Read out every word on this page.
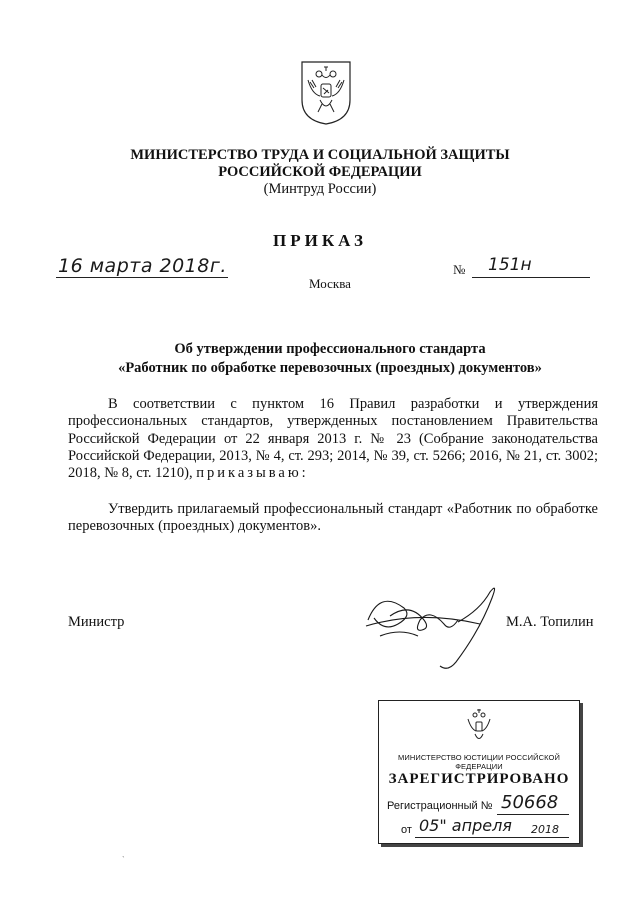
МИНИСТЕРСТВО ТРУДА И СОЦИАЛЬНОЙ ЗАЩИТЫ
РОССИЙСКОЙ ФЕДЕРАЦИИ
(Минтруд России)
ПРИКАЗ
16 марта 2018г.	№ 151н
Москва
Об утверждении профессионального стандарта
«Работник по обработке перевозочных (проездных) документов»
В соответствии с пунктом 16 Правил разработки и утверждения профессиональных стандартов, утвержденных постановлением Правительства Российской Федерации от 22 января 2013 г. № 23 (Собрание законодательства Российской Федерации, 2013, № 4, ст. 293; 2014, № 39, ст. 5266; 2016, № 21, ст. 3002; 2018, № 8, ст. 1210), приказываю:
Утвердить прилагаемый профессиональный стандарт «Работник по обработке перевозочных (проездных) документов».
Министр	М.А. Топилин
МИНИСТЕРСТВО ЮСТИЦИИ РОССИЙСКОЙ ФЕДЕРАЦИИ
ЗАРЕГИСТРИРОВАНО
Регистрационный № 50668
от 05" апреля 2018
ˋ
